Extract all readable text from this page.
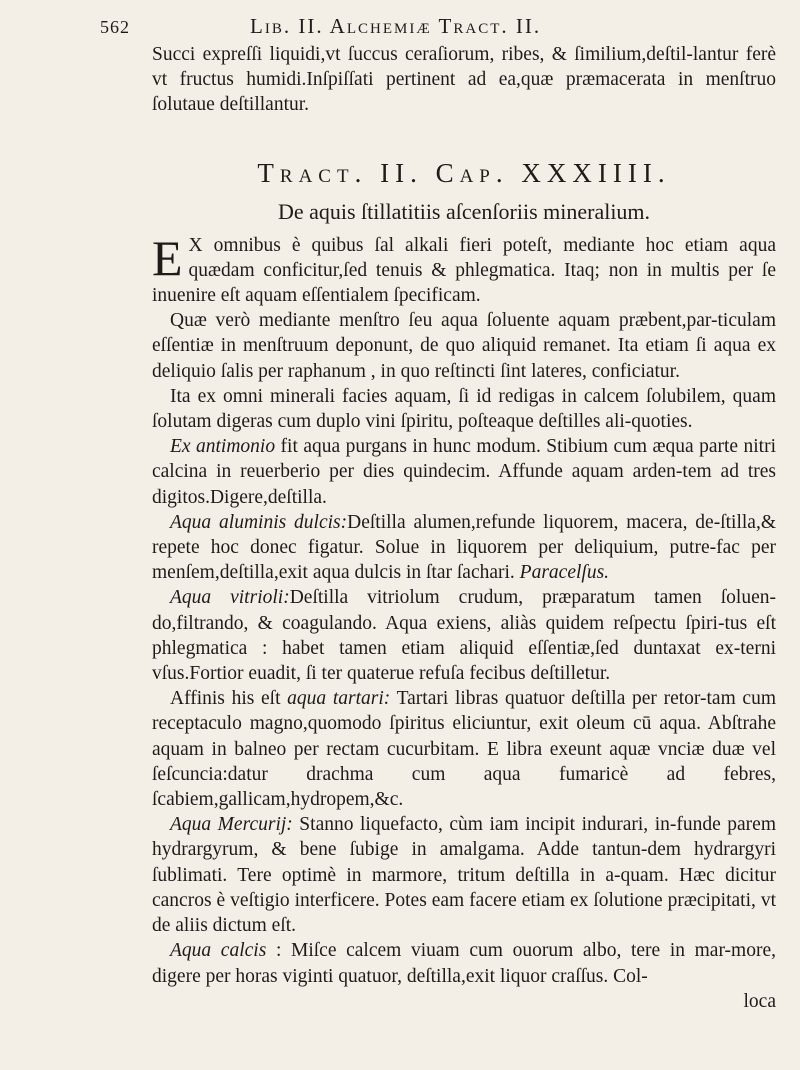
562	Lib. II. Alchemiæ Tract. II.

Succi expreſſi liquidi,vt ſuccus ceraſiorum, ribes, & ſimilium,deſtil-lantur ferè vt fructus humidi.Inſpiſſati pertinent ad ea,quæ præmacerata in menſtruo ſolutaue deſtillantur.

Tract. II. Cap. XXXIIII.
De aquis ſtillatitiis aſcenſoriis mineralium.

E X omnibus è quibus ſal alkali fieri poteſt, mediante hoc etiam aqua quædam conficitur,ſed tenuis & phlegmatica. Itaq; non in multis per ſe inuenire eſt aquam eſſentialem ſpecificam.

Quæ verò mediante menſtro ſeu aqua ſoluente aquam præbent,par-ticulam eſſentiæ in menſtruum deponunt, de quo aliquid remanet. Ita etiam ſi aqua ex deliquio ſalis per raphanum , in quo reſtincti ſint lateres, conficiatur.

Ita ex omni minerali facies aquam, ſi id redigas in calcem ſolubilem, quam ſolutam digeras cum duplo vini ſpiritu, poſteaque deſtilles ali-quoties.

Ex antimonio fit aqua purgans in hunc modum. Stibium cum æqua parte nitri calcina in reuerberio per dies quindecim. Affunde aquam arden-tem ad tres digitos.Digere,deſtilla.

Aqua aluminis dulcis:Deſtilla alumen,refunde liquorem, macera, de-ſtilla,& repete hoc donec figatur. Solue in liquorem per deliquium, putre-fac per menſem,deſtilla,exit aqua dulcis in ſtar ſachari. Paracelſus.

Aqua vitrioli:Deſtilla vitriolum crudum, præparatum tamen ſoluen-do,filtrando, & coagulando. Aqua exiens, aliàs quidem reſpectu ſpiri-tus eſt phlegmatica : habet tamen etiam aliquid eſſentiæ,ſed duntaxat ex-terni vſus.Fortior euadit, ſi ter quaterue refuſa fecibus deſtilletur.

Affinis his eſt aqua tartari: Tartari libras quatuor deſtilla per retor-tam cum receptaculo magno,quomodo ſpiritus eliciuntur, exit oleum cū aqua. Abſtrahe aquam in balneo per rectam cucurbitam. E libra exeunt aquæ vnciæ duæ vel ſeſcuncia:datur drachma cum aqua fumaricè ad febres, ſcabiem,gallicam,hydropem,&c.

Aqua Mercurij: Stanno liquefacto, cùm iam incipit indurari, in-funde parem hydrargyrum, & bene ſubige in amalgama. Adde tantun-dem hydrargyri ſublimati. Tere optimè in marmore, tritum deſtilla in a-quam. Hæc dicitur cancros è veſtigio interficere. Potes eam facere etiam ex ſolutione præcipitati, vt de aliis dictum eſt.

Aqua calcis : Miſce calcem viuam cum ouorum albo, tere in mar-more, digere per horas viginti quatuor, deſtilla,exit liquor craſſus. Col-

loca
